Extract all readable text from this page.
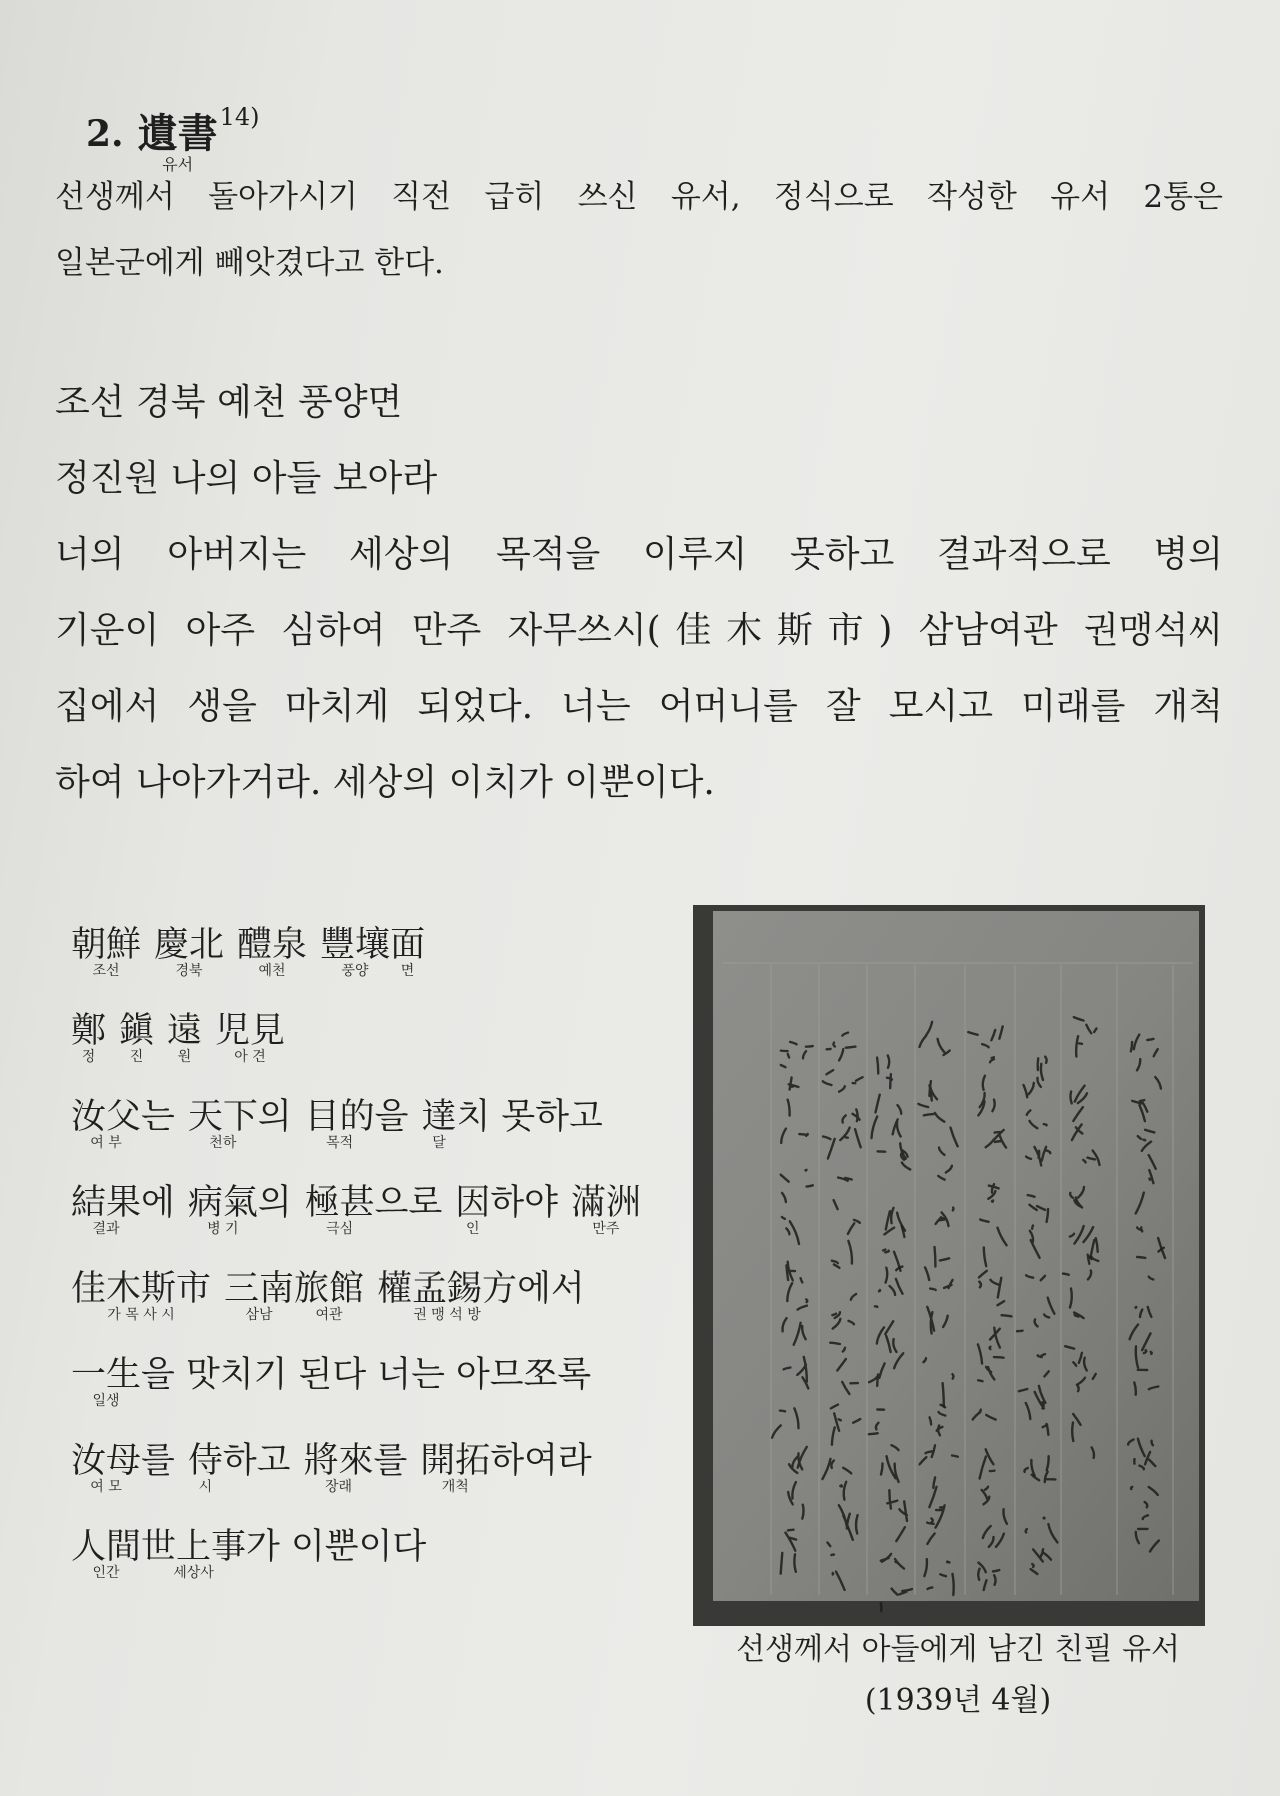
2. 遺書
유서
14)
선생께서 돌아가시기 직전 급히 쓰신 유서, 정식으로 작성한 유서 2통은
일본군에게 빼앗겼다고 한다.
조선 경북 예천 풍양면
정진원 나의 아들 보아라
너의 아버지는 세상의 목적을 이루지 못하고 결과적으로 병의
기운이 아주 심하여 만주 자무쓰시(佳木斯市) 삼남여관 권맹석씨
집에서 생을 마치게 되었다. 너는 어머니를 잘 모시고 미래를 개척
하여 나아가거라. 세상의 이치가 이뿐이다.
朝鮮
조선
慶北
경북
醴泉
예천
豐壤
풍양
面
면
鄭
정
鎭
진
遠
원
児見
아 견
汝父
여 부
는 天下
천하
의 目的
목적
을 達
달
치 못하고
結果
결과
에 病氣
병 기
의 極甚
극심
으로 因
인
하야 滿洲
만주
佳木斯市
가 목 사 시
三南
삼남
旅館
여관
權孟錫方
권 맹 석 방
에서
一生
일생
을 맛치기 된다 너는 아므쪼록
汝母
여 모
를 侍
시
하고 將來
장래
를 開拓
개척
하여라
人間
인간
世上事
세상사
가 이뿐이다
선생께서 아들에게 남긴 친필 유서
(1939년 4월)
